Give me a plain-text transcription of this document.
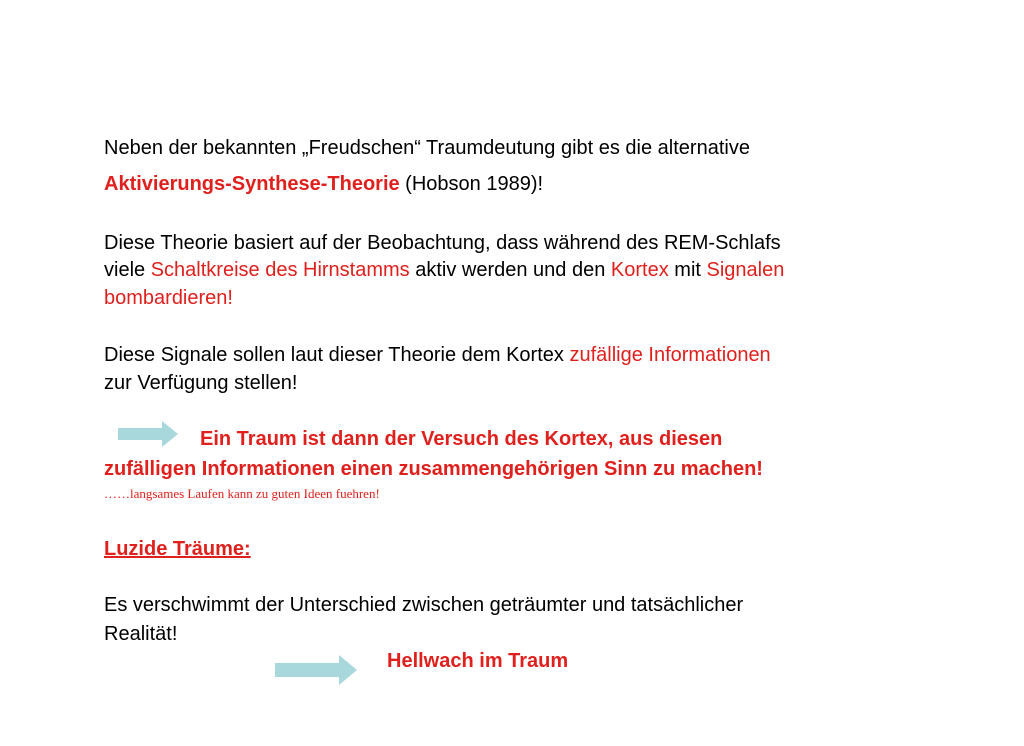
Neben der bekannten „Freudschen“ Traumdeutung gibt es die alternative
Aktivierungs-Synthese-Theorie (Hobson 1989)!
Diese Theorie basiert auf der Beobachtung, dass während des REM-Schlafs
viele Schaltkreise des Hirnstamms aktiv werden und den Kortex mit Signalen
bombardieren!
Diese Signale sollen laut dieser Theorie dem Kortex zufällige Informationen
zur Verfügung stellen!
Ein Traum ist dann der Versuch des Kortex, aus diesen
zufälligen Informationen einen zusammengehörigen Sinn zu machen!
……langsames Laufen kann zu guten Ideen fuehren!
Luzide Träume:
Es verschwimmt der Unterschied zwischen geträumter und tatsächlicher
Realität!
Hellwach im Traum
